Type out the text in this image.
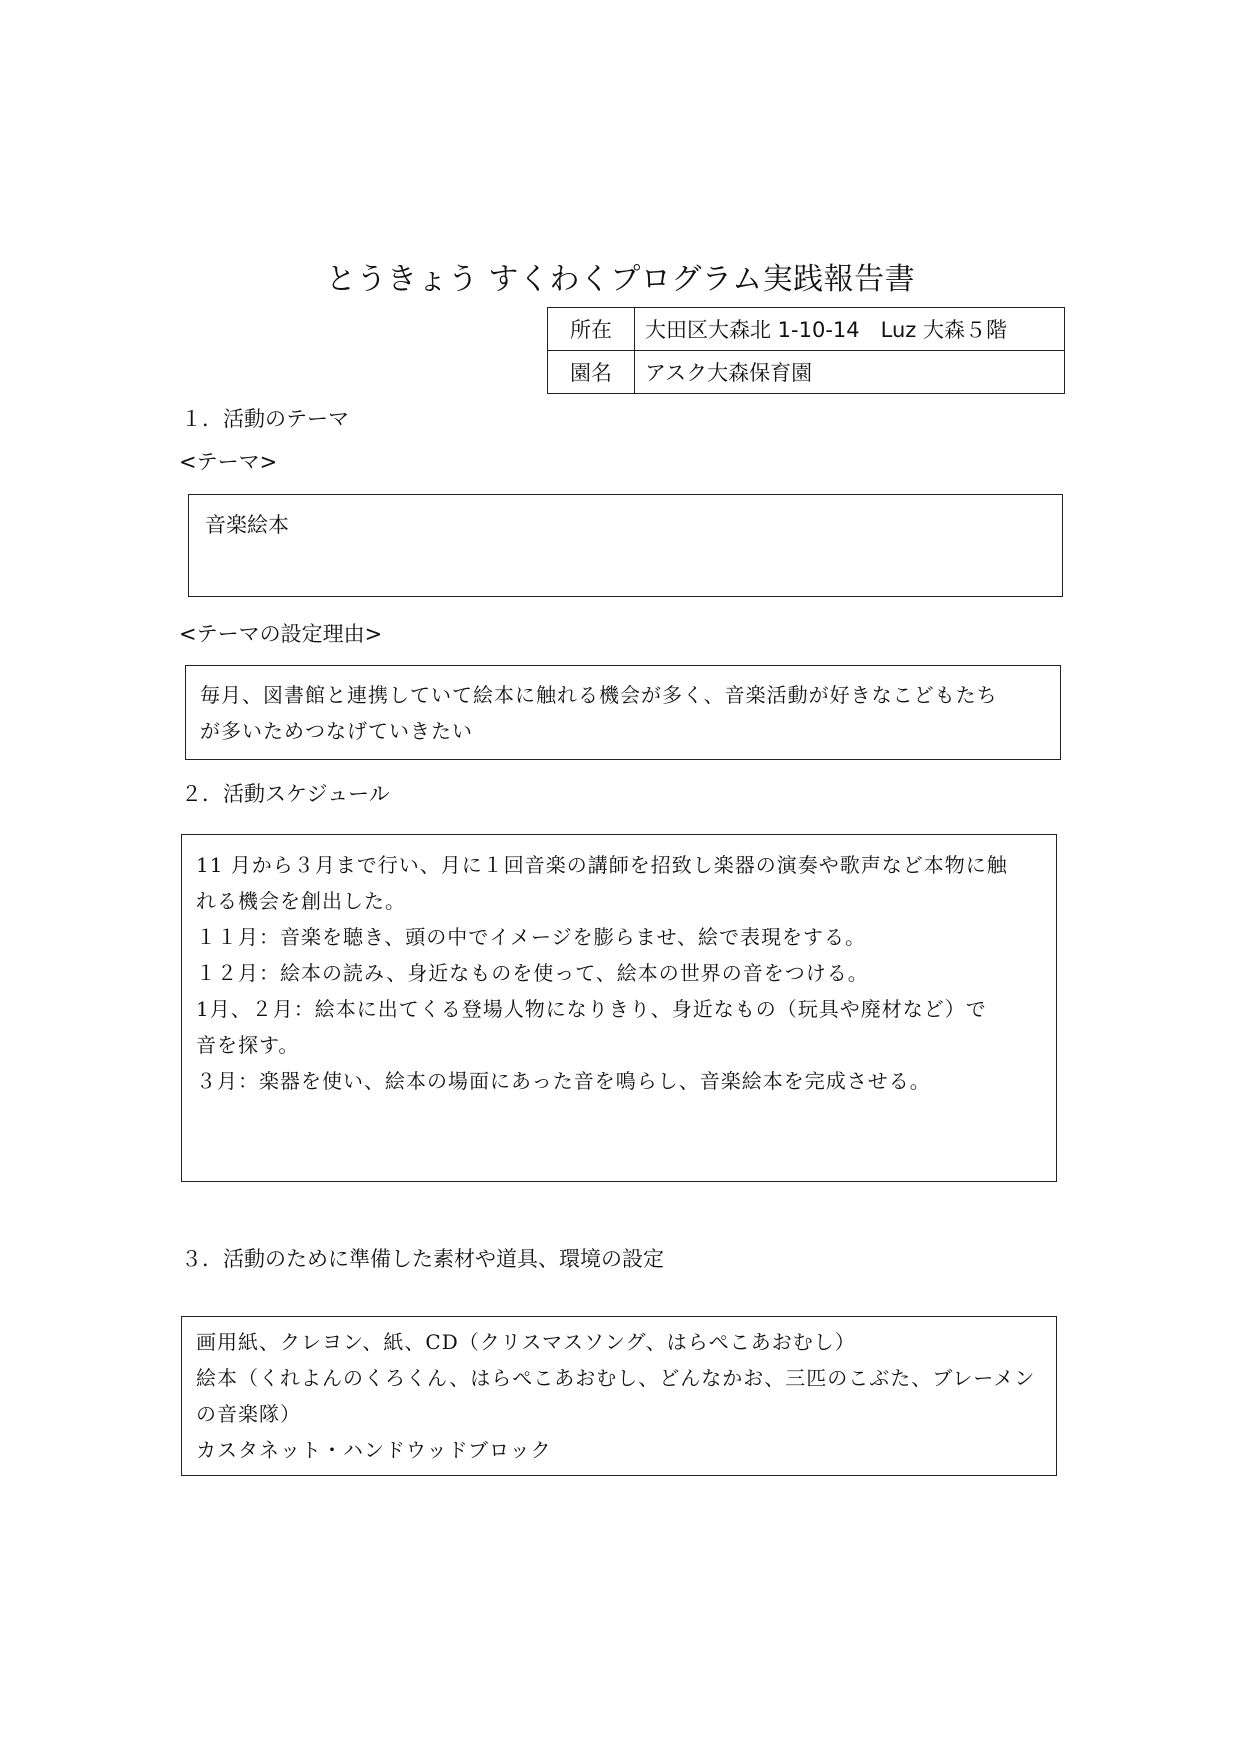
とうきょう すくわくプログラム実践報告書
所在	大田区大森北 1-10-14　Luz 大森５階
園名	アスク大森保育園
１．活動のテーマ
<テーマ>
音楽絵本
<テーマの設定理由>
毎月、図書館と連携していて絵本に触れる機会が多く、音楽活動が好きなこどもたち
が多いためつなげていきたい
２．活動スケジュール
11 月から３月まで行い、月に１回音楽の講師を招致し楽器の演奏や歌声など本物に触
れる機会を創出した。
１１月：音楽を聴き、頭の中でイメージを膨らませ、絵で表現をする。
１２月：絵本の読み、身近なものを使って、絵本の世界の音をつける。
1月、２月：絵本に出てくる登場人物になりきり、身近なもの（玩具や廃材など）で
音を探す。
３月：楽器を使い、絵本の場面にあった音を鳴らし、音楽絵本を完成させる。
３．活動のために準備した素材や道具、環境の設定
画用紙、クレヨン、紙、CD（クリスマスソング、はらぺこあおむし）
絵本（くれよんのくろくん、はらぺこあおむし、どんなかお、三匹のこぶた、ブレーメン
の音楽隊）
カスタネット・ハンドウッドブロック
